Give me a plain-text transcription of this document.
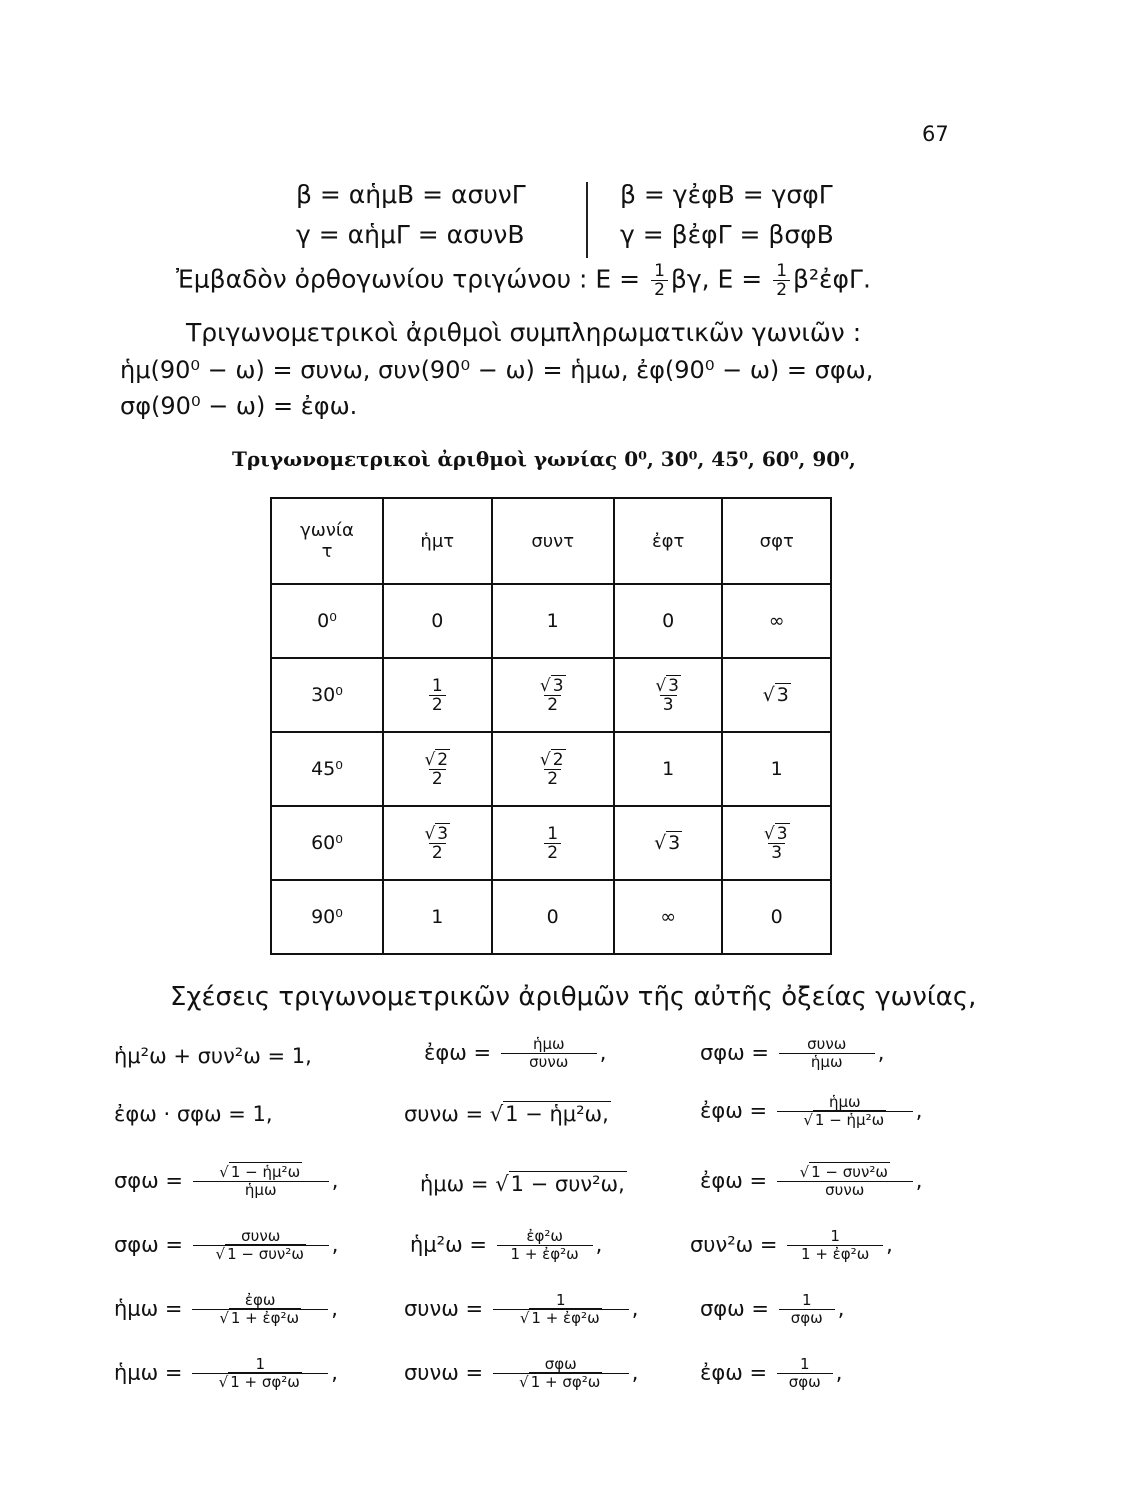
67
β = αἡμΒ = ασυνΓ
γ = αἡμΓ = ασυνΒ
β = γἐφΒ = γσφΓ
γ = βἐφΓ = βσφΒ
Ἐμβαδὸν ὀρθογωνίου τριγώνου : $E = \frac{1}{2} \beta\gamma$, $E = \frac{1}{2}$ β²ἐφΓ.
Τριγωνομετρικοὶ ἀριθμοὶ συμπληρωματικῶν γωνιῶν :
ἡμ(90⁰ − ω) = συνω, συν(90⁰ − ω) = ἡμω, ἐφ(90⁰ − ω) = σφω,
σφ(90⁰ − ω) = ἐφω.
Τριγωνομετρικοὶ ἀριθμοὶ γωνίας 0⁰, 30⁰, 45⁰, 60⁰, 90⁰,
γωνία
τ	ἡμτ	συντ	ἐφτ	σφτ
0⁰	0	1	0	∞
30⁰	$\frac{1}{2}$	$\frac{√ 3}{2}$	$\frac{√ 3}{3}$	√ 3
45⁰	$\frac{√ 2}{2}$	$\frac{√ 2}{2}$	1	1
60⁰	$\frac{√ 3}{2}$	$\frac{1}{2}$	√ 3	$\frac{√ 3}{3}$

90⁰	1	0	∞	0
Σχέσεις τριγωνομετρικῶν ἀριθμῶν τῆς αὐτῆς ὀξείας γωνίας,
ἡμ²ω + συν²ω = 1,	ἐφω = $\frac{\text{ἡμω}}{\text{συνω}}$ ,	$\sigma\varphi\omega = \frac{\text{συνω}}{\text{ἡμω}}$ ,
ἐφω · σφω = 1,	συνω = √1 − ἡμ²ω,	ἐφω = $\frac{\text{ἡμω}}{\text{√ 1 − ἡμ²ω}}$ ,
$\sigma\varphi\omega = \frac{\text{√ 1 − ἡμ²ω}}{\text{ἡμω}}$ ,	ἡμω = √1 − συν²ω,	ἐφω = $\frac{\text{√ 1 − συν²ω}}{\text{συνω}}$ ,
$\sigma\varphi\omega = \frac{\text{συνω}}{\text{√ 1 − συν²ω}}$ ,	ἡμ²ω = $\frac{\text{ἐφ²ω}}{\text{1 + ἐφ²ω}}$ ,	$\sigma\upsilon\nu^2\omega = \frac{1}{\text{1 + ἐφ²ω}}$ ,
ἡμω = $\frac{\text{ἐφω}}{\text{√ 1 + ἐφ²ω}}$ ,	$\sigma\upsilon\nu\omega = \frac{1}{\text{√ 1 + ἐφ²ω}}$ ,	$\sigma\varphi\omega = \frac{1}{\text{σφω}}$ ,
ἡμω = $\frac{1}{\text{√ 1 + σφ²ω}}$ ,	$\sigma\upsilon\nu\omega = \frac{\text{σφω}}{\text{√ 1 + σφ²ω}}$ ,	ἐφω = $\frac{1}{\text{σφω}}$ ,
